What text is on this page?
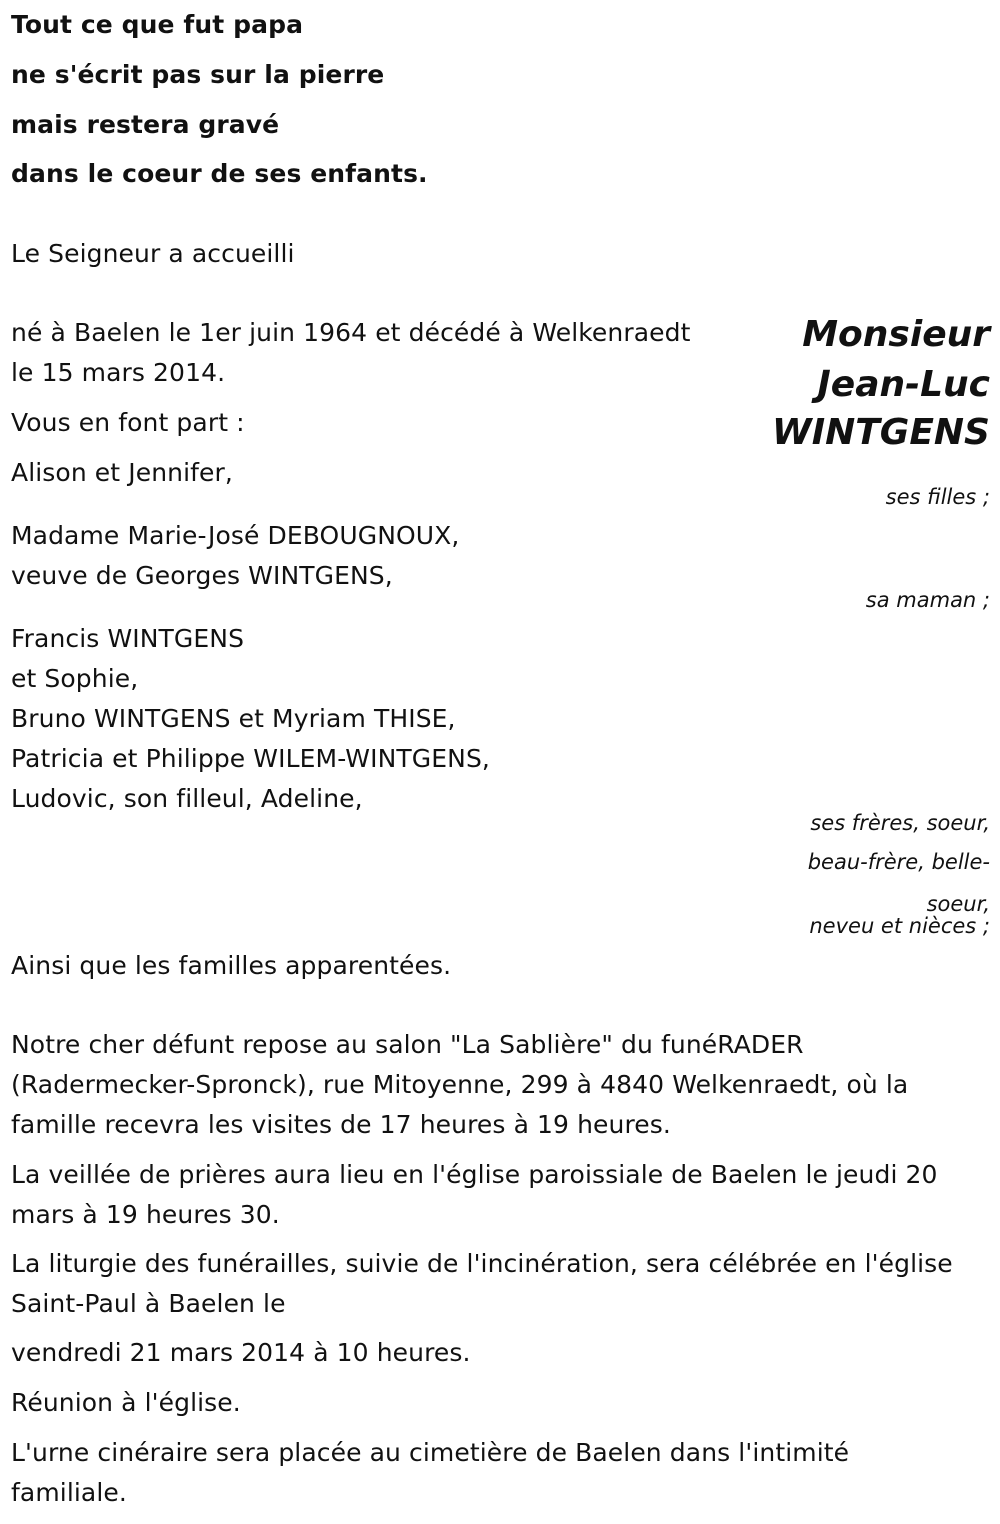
Tout ce que fut papa

ne s'écrit pas sur la pierre

mais restera gravé

dans le coeur de ses enfants.

Le Seigneur a accueilli

Monsieur

Jean-Luc

WINTGENS

né à Baelen le 1er juin 1964 et décédé à Welkenraedt

le 15 mars 2014.

Vous en font part :

Alison et Jennifer,

ses filles ;

Madame Marie-José DEBOUGNOUX,

veuve de Georges WINTGENS,

sa maman ;

Francis WINTGENS

et Sophie,

Bruno WINTGENS et Myriam THISE,

Patricia et Philippe WILEM-WINTGENS,

Ludovic, son filleul, Adeline,

ses frères, soeur,

beau-frère, belle-

soeur,

neveu et nièces ;

Ainsi que les familles apparentées.

Notre cher défunt repose au salon "La Sablière" du funéRADER

(Radermecker-Spronck), rue Mitoyenne, 299 à 4840 Welkenraedt, où la

famille recevra les visites de 17 heures à 19 heures.

La veillée de prières aura lieu en l'église paroissiale de Baelen le jeudi 20

mars à 19 heures 30.

La liturgie des funérailles, suivie de l'incinération, sera célébrée en l'église

Saint-Paul à Baelen le

vendredi 21 mars 2014 à 10 heures.

Réunion à l'église.

L'urne cinéraire sera placée au cimetière de Baelen dans l'intimité

familiale.
